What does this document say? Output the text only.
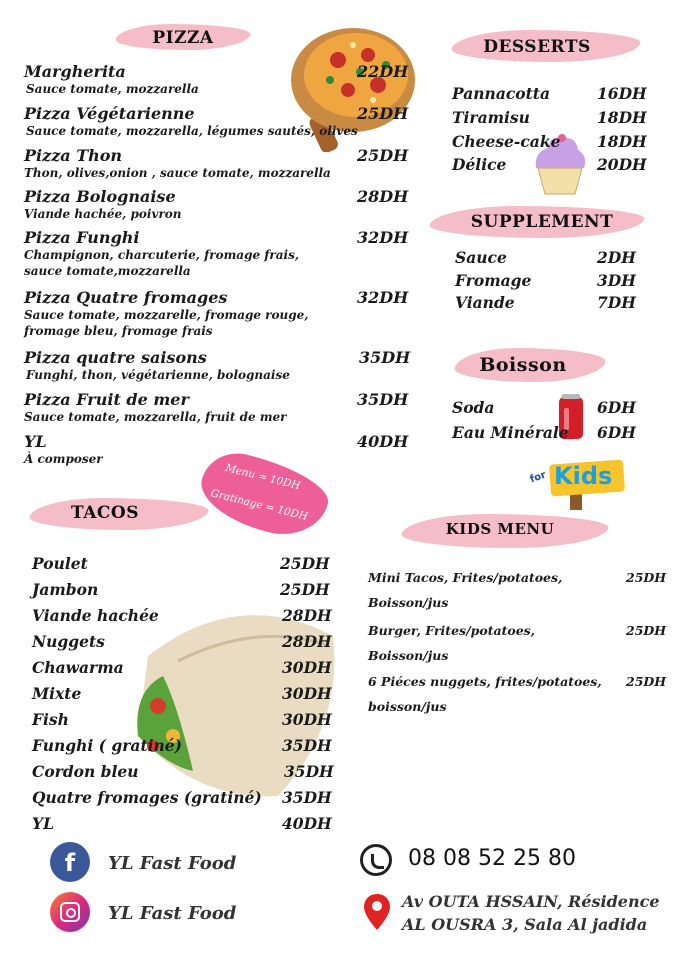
PIZZA
Margherita
Sauce tomate, mozzarella
22DH
Pizza Végétarienne
Sauce tomate, mozzarella, légumes sautés, olives
25DH
Pizza Thon
Thon, olives,onion , sauce tomate, mozzarella
25DH
Pizza Bolognaise
Viande hachée, poivron
28DH
Pizza Funghi
Champignon, charcuterie, fromage frais,
sauce tomate,mozzarella
32DH
Pizza Quatre fromages
Sauce tomate, mozzarelle, fromage rouge,
fromage bleu, fromage frais
32DH
Pizza quatre saisons
Funghi, thon, végétarienne, bolognaise
35DH
Pizza Fruit de mer
Sauce tomate, mozzarella, fruit de mer
35DH
YL
À composer
40DH
Menu = 10DH
Gratinage = 10DH
TACOS
Poulet	25DH
Jambon	25DH
Viande hachée	28DH
Nuggets	28DH
Chawarma	30DH
Mixte	30DH
Fish	30DH
Funghi ( gratiné)	35DH
Cordon bleu	35DH
Quatre fromages (gratiné) 35DH
YL	40DH
DESSERTS
Pannacotta	16DH
Tiramisu	18DH
Cheese-cake 18DH
Délice	20DH
SUPPLEMENT
Sauce	2DH
Fromage	3DH
Viande	7DH
Boisson
Soda	6DH
Eau Minérale 6DH
for Kids
KIDS MENU
Mini Tacos, Frites/potatoes,
Boisson/jus
25DH
Burger, Frites/potatoes,
Boisson/jus
25DH
6 Piéces nuggets, frites/potatoes,
boisson/jus
25DH
f	YL Fast Food
YL Fast Food
08 08 52 25 80
Av OUTA HSSAIN, Résidence
AL OUSRA 3, Sala Al jadida
